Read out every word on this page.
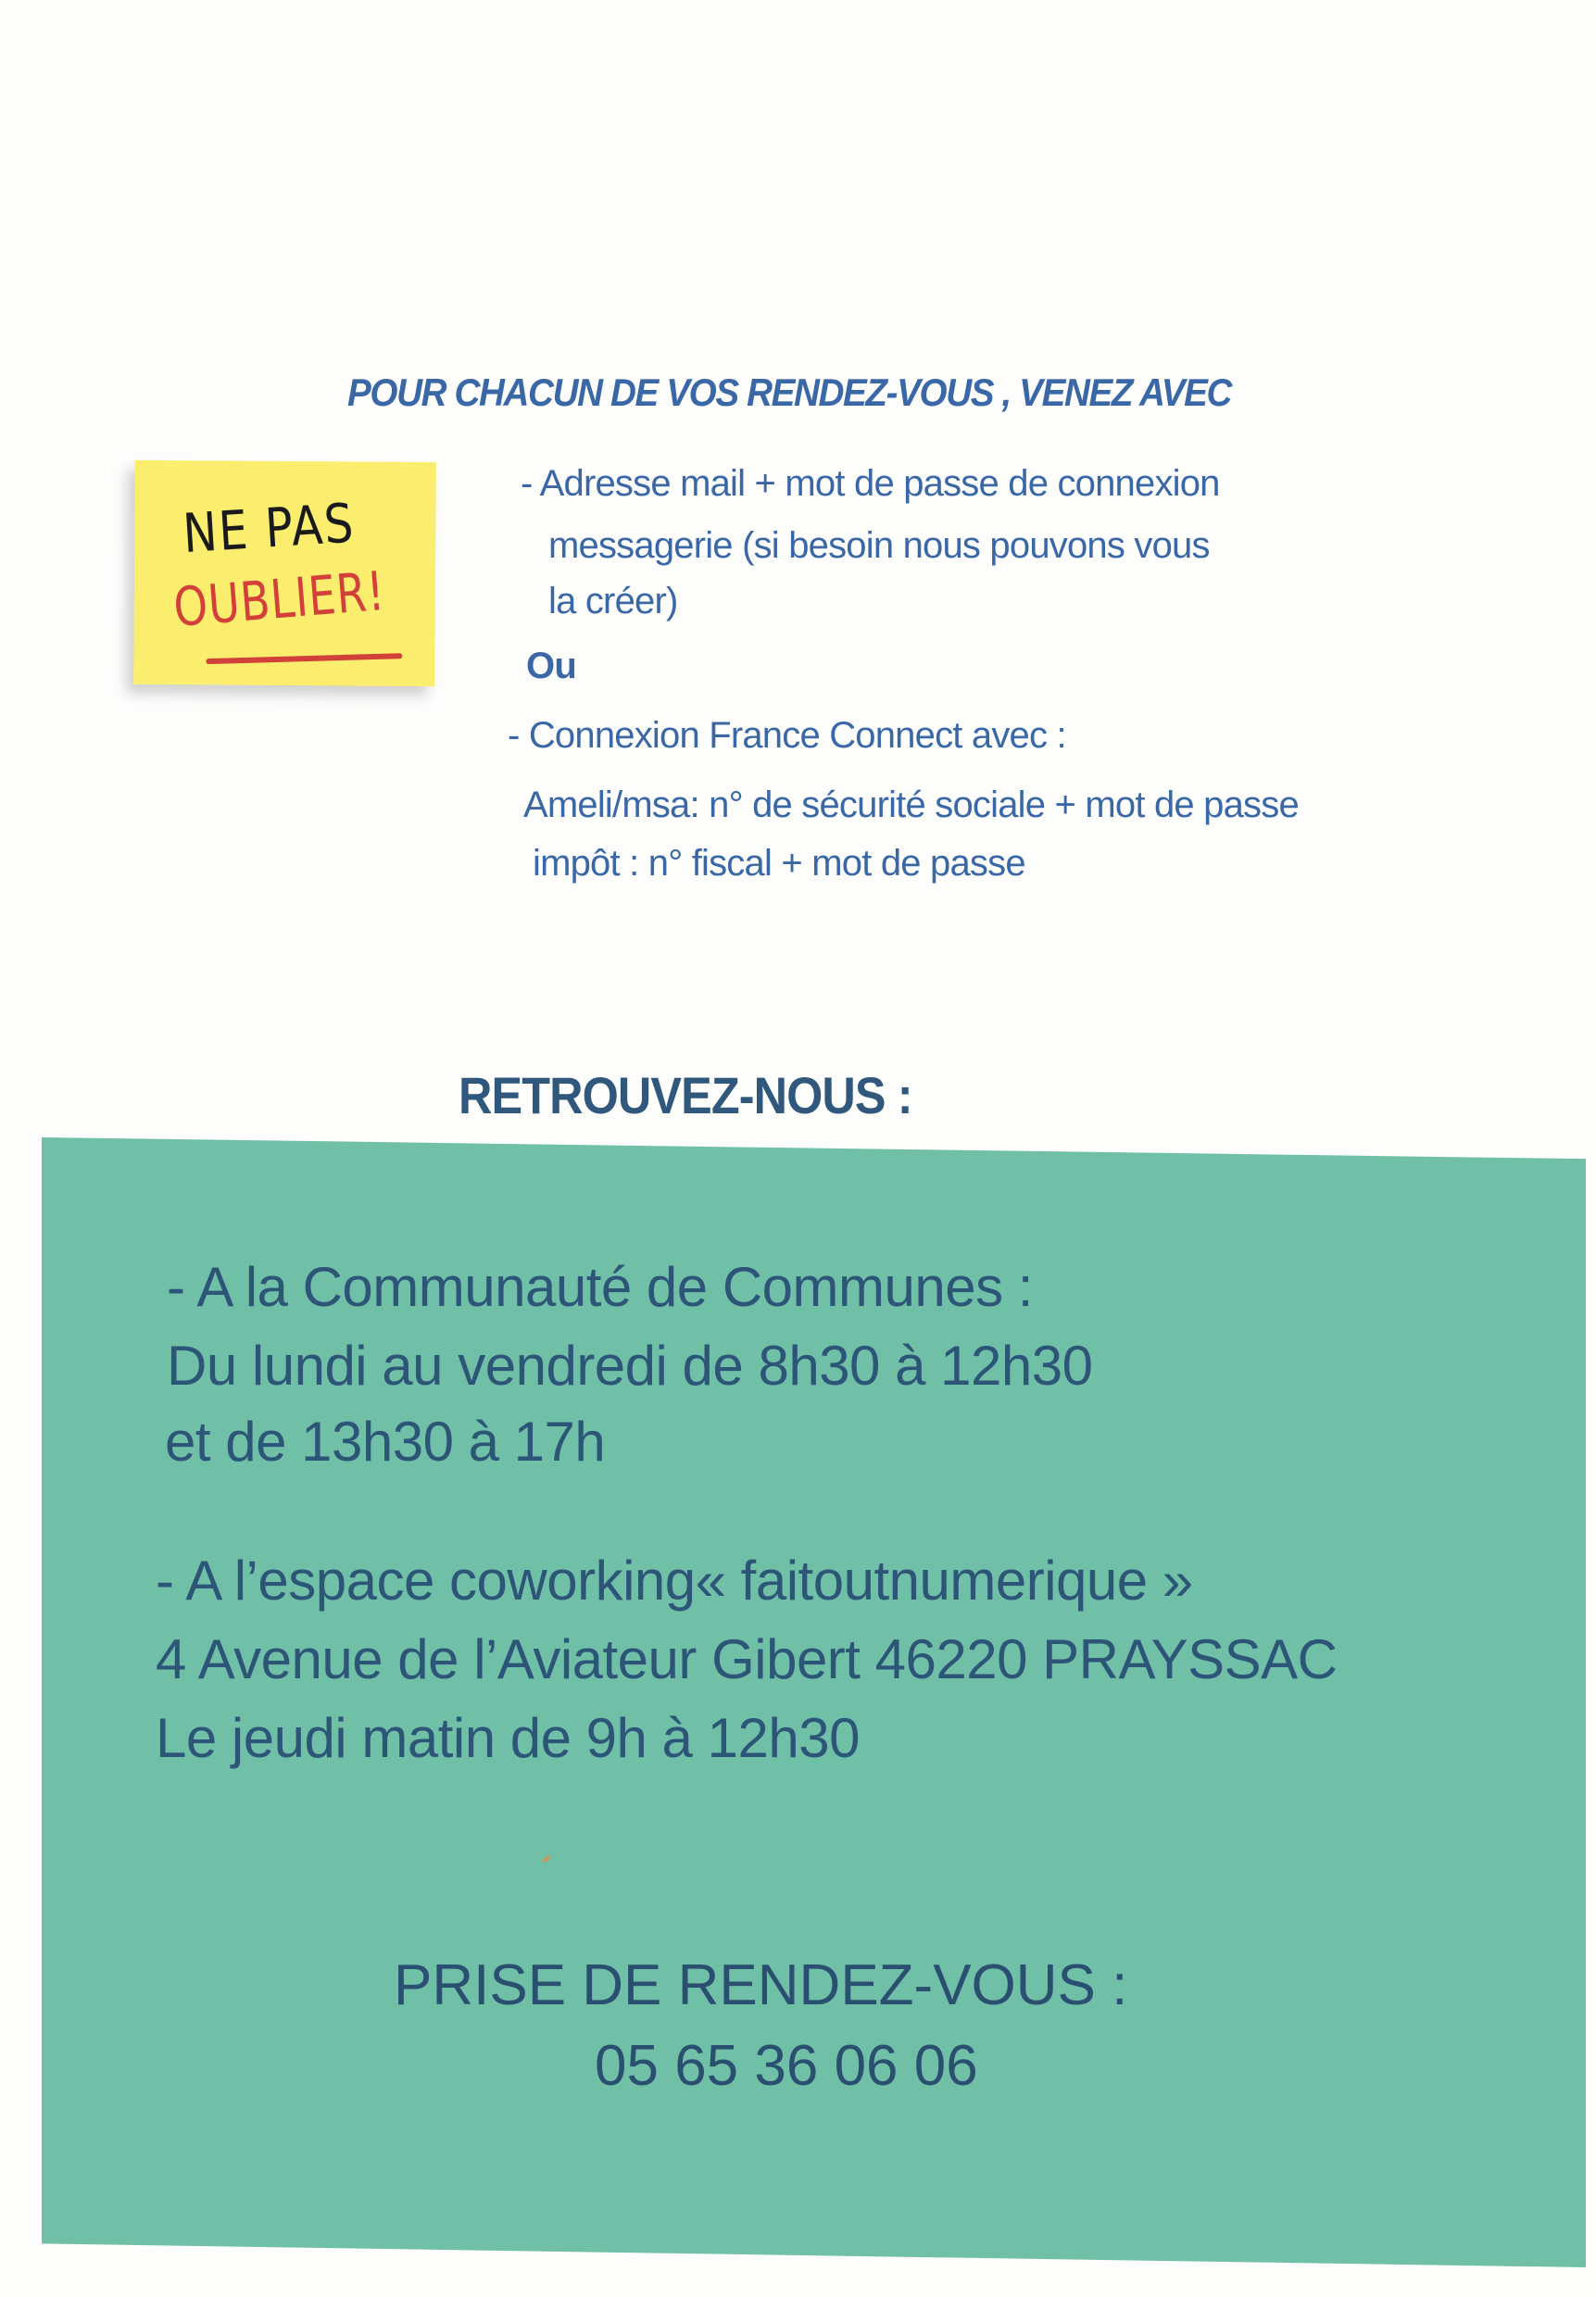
POUR CHACUN DE VOS RENDEZ-VOUS , VENEZ AVEC
NE PAS
OUBLIER!
- Adresse mail + mot de passe de connexion
messagerie (si besoin nous pouvons vous
la créer)
Ou
- Connexion France Connect avec :
Ameli/msa: n° de sécurité sociale + mot de passe
impôt : n° fiscal + mot de passe
RETROUVEZ-NOUS :
- A la Communauté de Communes :
Du lundi au vendredi de 8h30 à 12h30
et de 13h30 à 17h
- A l’espace coworking« faitoutnumerique »
4 Avenue de l’Aviateur Gibert 46220 PRAYSSAC
Le jeudi matin de 9h à 12h30
PRISE DE RENDEZ-VOUS :
05 65 36 06 06
